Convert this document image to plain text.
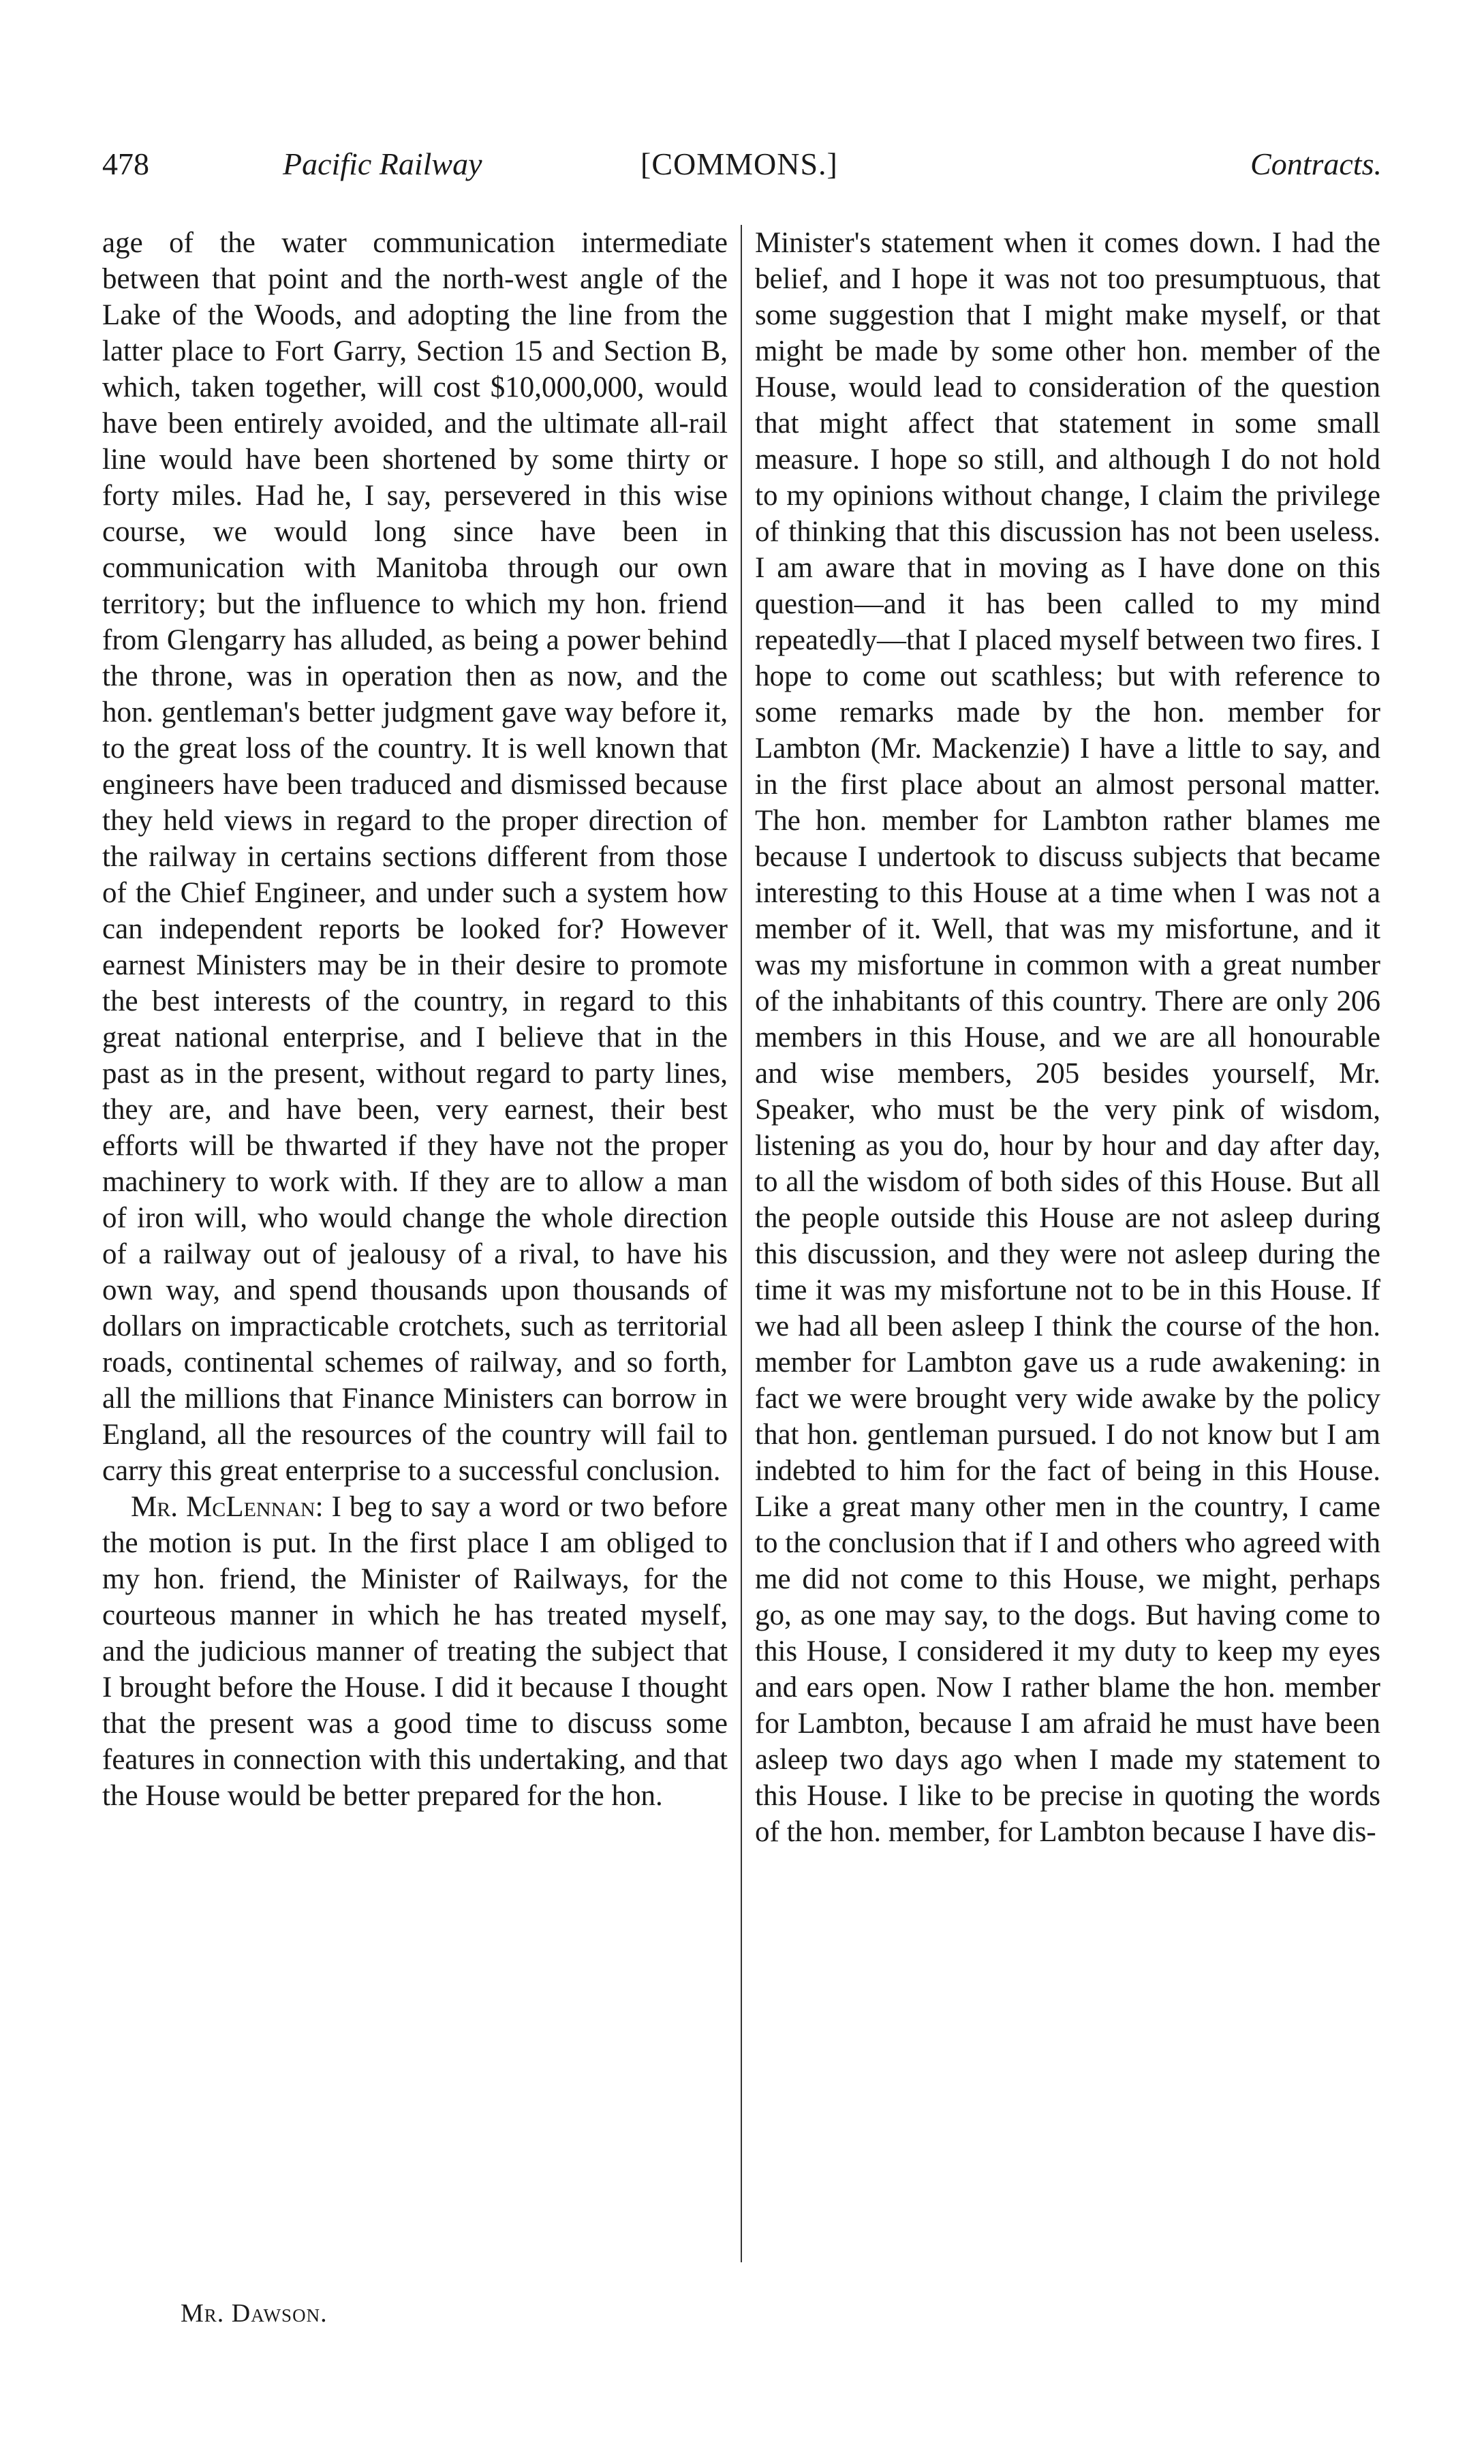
478	Pacific Railway	[COMMONS.]	Contracts.

age of the water communication intermediate between that point and the north-west angle of the Lake of the Woods, and adopting the line from the latter place to Fort Garry, Section 15 and Section B, which, taken together, will cost $10,000,000, would have been entirely avoided, and the ultimate all-rail line would have been shortened by some thirty or forty miles. Had he, I say, persevered in this wise course, we would long since have been in communication with Manitoba through our own territory; but the influence to which my hon. friend from Glengarry has alluded, as being a power behind the throne, was in operation then as now, and the hon. gentleman's better judgment gave way before it, to the great loss of the country. It is well known that engineers have been traduced and dismissed because they held views in regard to the proper direction of the railway in certains sections different from those of the Chief Engineer, and under such a system how can independent reports be looked for? However earnest Ministers may be in their desire to promote the best interests of the country, in regard to this great national enterprise, and I believe that in the past as in the present, without regard to party lines, they are, and have been, very earnest, their best efforts will be thwarted if they have not the proper machinery to work with. If they are to allow a man of iron will, who would change the whole direction of a railway out of jealousy of a rival, to have his own way, and spend thousands upon thousands of dollars on impracticable crotchets, such as territorial roads, continental schemes of railway, and so forth, all the millions that Finance Ministers can borrow in England, all the resources of the country will fail to carry this great enterprise to a successful conclusion.

Mr. McLennan: I beg to say a word or two before the motion is put. In the first place I am obliged to my hon. friend, the Minister of Railways, for the courteous manner in which he has treated myself, and the judicious manner of treating the subject that I brought before the House. I did it because I thought that the present was a good time to discuss some features in connection with this undertaking, and that the House would be better prepared for the hon.

Minister's statement when it comes down. I had the belief, and I hope it was not too presumptuous, that some suggestion that I might make myself, or that might be made by some other hon. member of the House, would lead to consideration of the question that might affect that statement in some small measure. I hope so still, and although I do not hold to my opinions without change, I claim the privilege of thinking that this discussion has not been useless. I am aware that in moving as I have done on this question—and it has been called to my mind repeatedly—that I placed myself between two fires. I hope to come out scathless; but with reference to some remarks made by the hon. member for Lambton (Mr. Mackenzie) I have a little to say, and in the first place about an almost personal matter. The hon. member for Lambton rather blames me because I undertook to discuss subjects that became interesting to this House at a time when I was not a member of it. Well, that was my misfortune, and it was my misfortune in common with a great number of the inhabitants of this country. There are only 206 members in this House, and we are all honourable and wise members, 205 besides yourself, Mr. Speaker, who must be the very pink of wisdom, listening as you do, hour by hour and day after day, to all the wisdom of both sides of this House. But all the people outside this House are not asleep during this discussion, and they were not asleep during the time it was my misfortune not to be in this House. If we had all been asleep I think the course of the hon. member for Lambton gave us a rude awakening: in fact we were brought very wide awake by the policy that hon. gentleman pursued. I do not know but I am indebted to him for the fact of being in this House. Like a great many other men in the country, I came to the conclusion that if I and others who agreed with me did not come to this House, we might, perhaps go, as one may say, to the dogs. But having come to this House, I considered it my duty to keep my eyes and ears open. Now I rather blame the hon. member for Lambton, because I am afraid he must have been asleep two days ago when I made my statement to this House. I like to be precise in quoting the words of the hon. member, for Lambton because I have dis-

Mr. Dawson.
